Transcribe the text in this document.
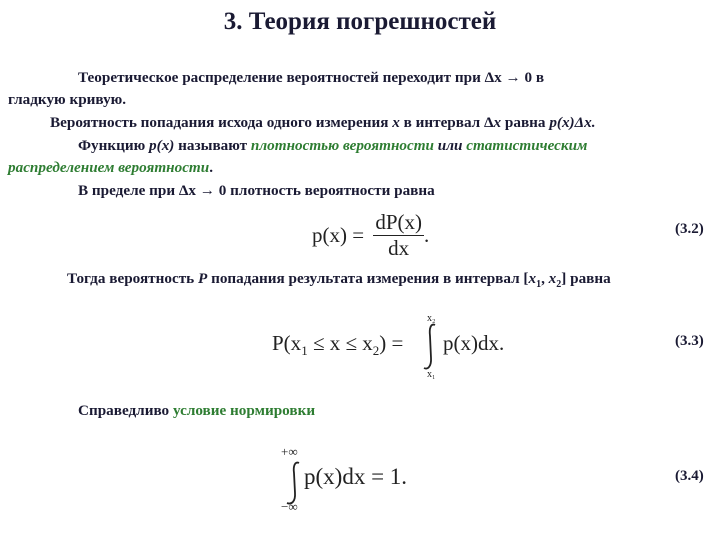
3. Теория погрешностей
Теоретическое распределение вероятностей переходит при Δx → 0 в
гладкую кривую.
Вероятность попадания исхода одного измерения x в интервал Δx равна p(x)Δx.
Функцию p(x) называют плотностью вероятности или статистическим
распределением вероятности.
В пределе при Δx → 0 плотность вероятности равна
$p(x) = \frac{dP(x)}{dx}$ .	(3.2)
Тогда вероятность P попадания результата измерения в интервал [$x_1$, $x_2$] равна
$P(x_1 \le x \le x_2)$ =
x₂
x₁
p(x)dx.	(3.3)
Справедливо условие нормировки
+∞
−∞
p(x)dx = 1.	(3.4)
